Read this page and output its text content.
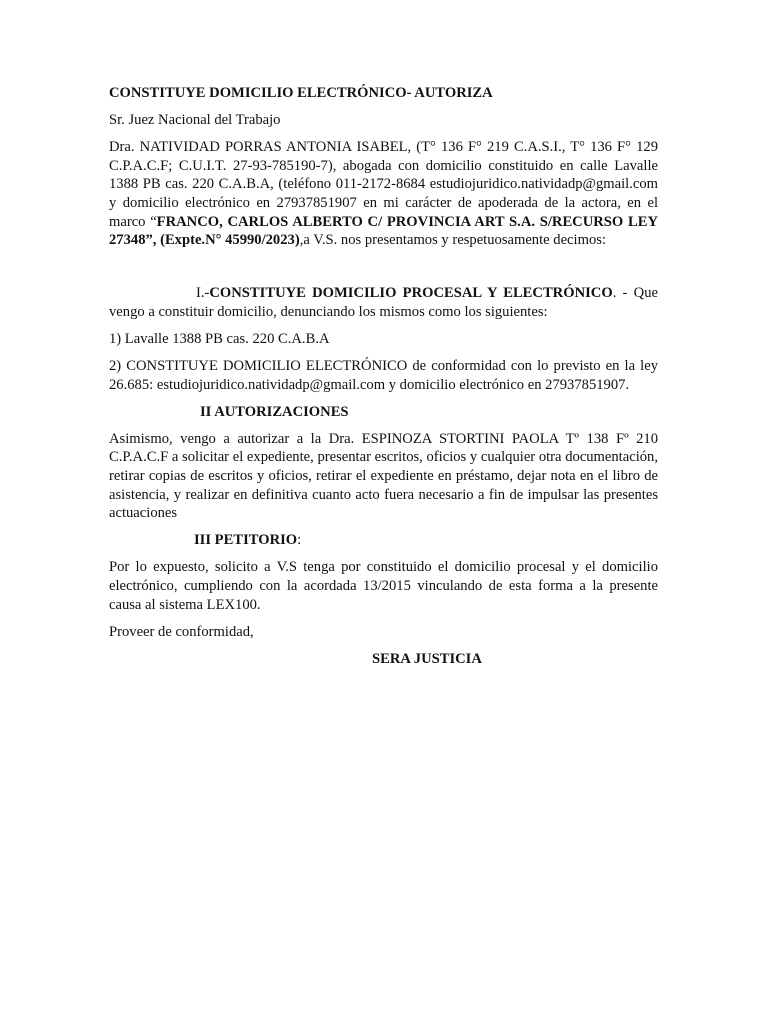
CONSTITUYE DOMICILIO ELECTRÓNICO- AUTORIZA
Sr. Juez Nacional del Trabajo
Dra. NATIVIDAD PORRAS ANTONIA ISABEL, (T° 136 F° 219 C.A.S.I., T° 136 F° 129 C.P.A.C.F; C.U.I.T. 27-93-785190-7), abogada con domicilio constituido en calle Lavalle 1388 PB cas. 220 C.A.B.A, (teléfono 011-2172-8684 estudiojuridico.natividadp@gmail.com y domicilio electrónico en 27937851907 en mi carácter de apoderada de la actora, en el marco “FRANCO, CARLOS ALBERTO C/ PROVINCIA ART S.A. S/RECURSO LEY 27348”, (Expte.N° 45990/2023),a V.S. nos presentamos y respetuosamente decimos:
I.-CONSTITUYE DOMICILIO PROCESAL Y ELECTRÓNICO. - Que vengo a constituir domicilio, denunciando los mismos como los siguientes:
1) Lavalle 1388 PB cas. 220 C.A.B.A
2) CONSTITUYE DOMICILIO ELECTRÓNICO de conformidad con lo previsto en la ley 26.685: estudiojuridico.natividadp@gmail.com y domicilio electrónico en 27937851907.
II AUTORIZACIONES
Asimismo, vengo a autorizar a la Dra. ESPINOZA STORTINI PAOLA Tº 138 Fº 210 C.P.A.C.F a solicitar el expediente, presentar escritos, oficios y cualquier otra documentación, retirar copias de escritos y oficios, retirar el expediente en préstamo, dejar nota en el libro de asistencia, y realizar en definitiva cuanto acto fuera necesario a fin de impulsar las presentes actuaciones
III PETITORIO:
Por lo expuesto, solicito a V.S tenga por constituido el domicilio procesal y el domicilio electrónico, cumpliendo con la acordada 13/2015 vinculando de esta forma a la presente causa al sistema LEX100.
Proveer de conformidad,
SERA JUSTICIA
